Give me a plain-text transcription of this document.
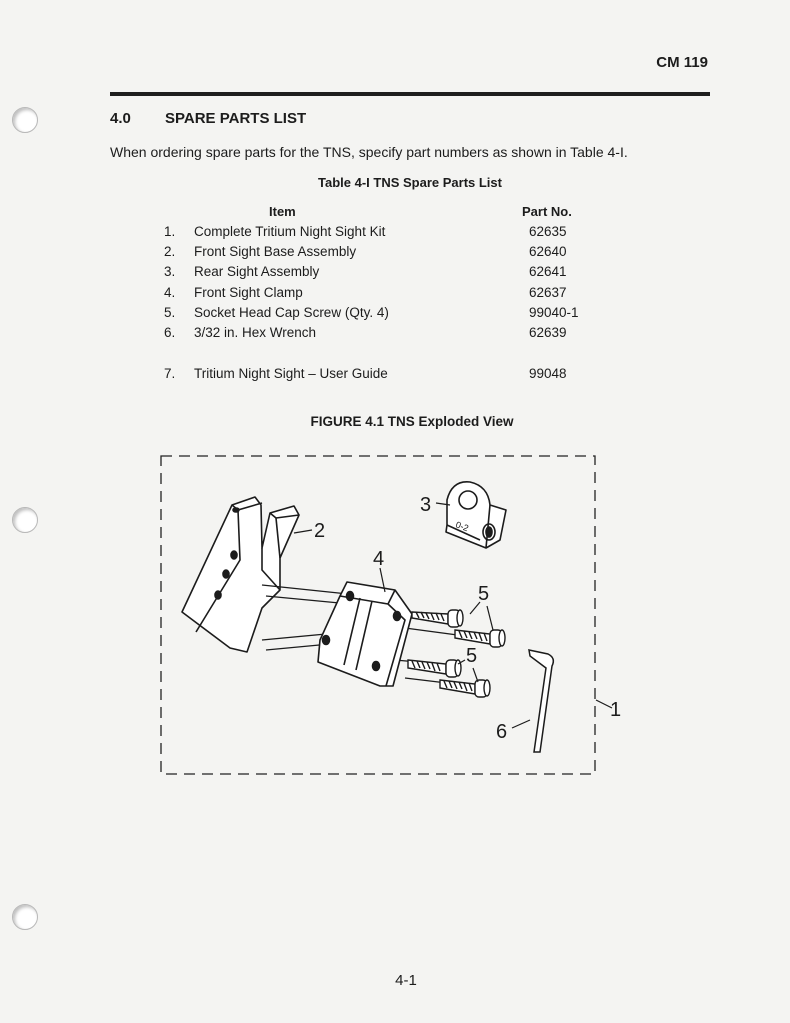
CM 119
4.0 SPARE PARTS LIST
When ordering spare parts for the TNS, specify part numbers as shown in Table 4-I.
Table 4-I TNS Spare Parts List
Item	Part No.
1. Complete Tritium Night Sight Kit	62635
2. Front Sight Base Assembly	62640
3. Rear Sight Assembly	62641
4. Front Sight Clamp	62637
5. Socket Head Cap Screw (Qty. 4)	99040-1
6. 3/32 in. Hex Wrench	62639
7. Tritium Night Sight – User Guide	99048
FIGURE 4.1 TNS Exploded View
0-2
1
2
3
4
5
5
6
4-1
